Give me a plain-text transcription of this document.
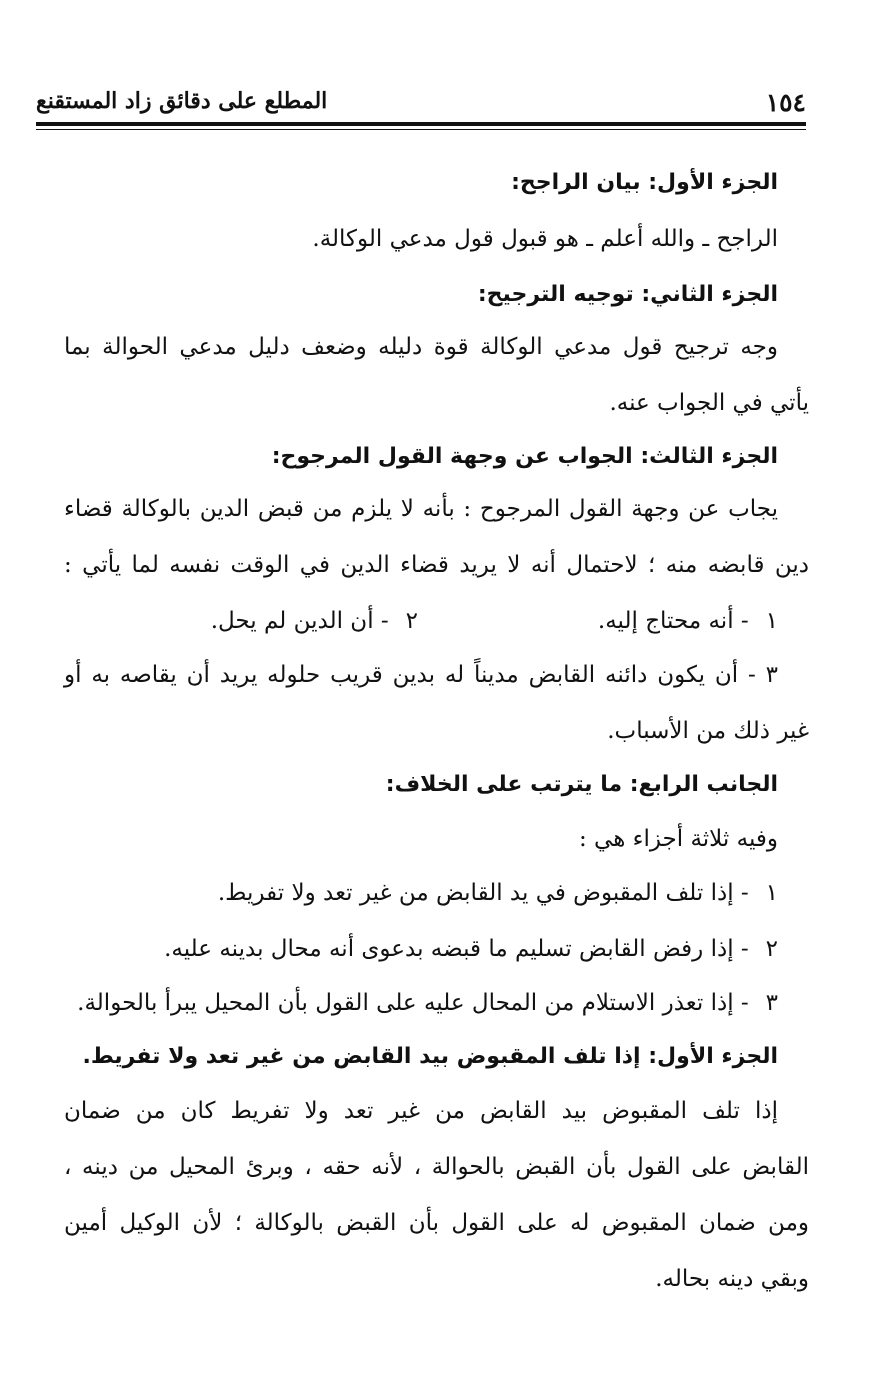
١٥٤
المطلع على دقائق زاد المستقنع
الجزء الأول: بيان الراجح:
الراجح ـ والله أعلم ـ هو قبول قول مدعي الوكالة.
الجزء الثاني: توجيه الترجيح:
وجه ترجيح قول مدعي الوكالة قوة دليله وضعف دليل مدعي الحوالة بما
يأتي في الجواب عنه.
الجزء الثالث: الجواب عن وجهة القول المرجوح:
يجاب عن وجهة القول المرجوح : بأنه لا يلزم من قبض الدين بالوكالة قضاء
دين قابضه منه ؛ لاحتمال أنه لا يريد قضاء الدين في الوقت نفسه لما يأتي :
١ - أنه محتاج إليه.
٢ - أن الدين لم يحل.
٣ - أن يكون دائنه القابض مديناً له بدين قريب حلوله يريد أن يقاصه به أو
غير ذلك من الأسباب.
الجانب الرابع: ما يترتب على الخلاف:
وفيه ثلاثة أجزاء هي :
١ - إذا تلف المقبوض في يد القابض من غير تعد ولا تفريط.
٢ - إذا رفض القابض تسليم ما قبضه بدعوى أنه محال بدينه عليه.
٣ - إذا تعذر الاستلام من المحال عليه على القول بأن المحيل يبرأ بالحوالة.
الجزء الأول: إذا تلف المقبوض بيد القابض من غير تعد ولا تفريط.
إذا تلف المقبوض بيد القابض من غير تعد ولا تفريط كان من ضمان
القابض على القول بأن القبض بالحوالة ، لأنه حقه ، وبرئ المحيل من دينه ،
ومن ضمان المقبوض له على القول بأن القبض بالوكالة ؛ لأن الوكيل أمين
وبقي دينه بحاله.
